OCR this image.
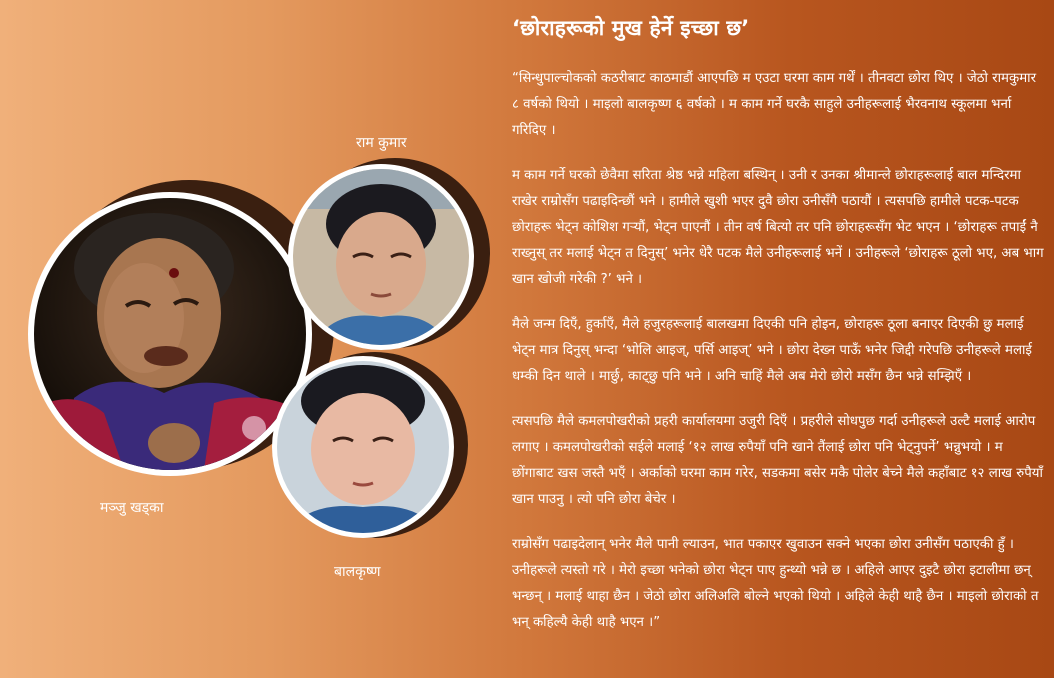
राम कुमार
मञ्जु खड्का
बालकृष्ण
‘छोराहरूको मुख हेर्ने इच्छा छ’

“सिन्धुपाल्चोकको कठरीबाट काठमाडौं आएपछि म एउटा घरमा काम गर्थें । तीनवटा छोरा थिए । जेठो रामकुमार ८ वर्षको थियो । माइलो बालकृष्ण ६ वर्षको । म काम गर्ने घरकै साहुले उनीहरूलाई भैरवनाथ स्कूलमा भर्ना गरिदिए ।

म काम गर्ने घरको छेवैमा सरिता श्रेष्ठ भन्ने महिला बस्थिन् । उनी र उनका श्रीमान्ले छोराहरूलाई बाल मन्दिरमा राखेर राम्रोसँग पढाइदिन्छौं भने । हामीले खुशी भएर दुवै छोरा उनीसँगै पठायौं । त्यसपछि हामीले पटक-पटक छोराहरू भेट्न कोशिश गर्‍यौं, भेट्न पाएनौं । तीन वर्ष बित्यो तर पनि छोराहरूसँग भेट भएन । ‘छोराहरू तपाईं नै राख्नुस् तर मलाई भेट्न त दिनुस्’ भनेर धेरै पटक मैले उनीहरूलाई भनें । उनीहरूले ‘छोराहरू ठूलो भए, अब भाग खान खोजी गरेकी ?’ भने ।

मैले जन्म दिएँ, हुर्काएँ, मैले हजुरहरूलाई बालखमा दिएकी पनि होइन, छोराहरू ठूला बनाएर दिएकी छु मलाई भेट्न मात्र दिनुस् भन्दा ‘भोलि आइज्, पर्सि आइज्’ भने । छोरा देख्न पाऊँ भनेर जिद्दी गरेपछि उनीहरूले मलाई धम्की दिन थाले । मार्छु, काट्छु पनि भने । अनि चाहिं मैले अब मेरो छोरो मसँग छैन भन्ने सम्झिएँ ।

त्यसपछि मैले कमलपोखरीको प्रहरी कार्यालयमा उजुरी दिएँ । प्रहरीले सोधपुछ गर्दा उनीहरूले उल्टै मलाई आरोप लगाए । कमलपोखरीको सईले मलाई ‘१२ लाख रुपैयाँ पनि खाने तैंलाई छोरा पनि भेट्नुपर्ने’ भन्नुभयो । म छोंगाबाट खस जस्तै भएँ । अर्काको घरमा काम गरेर, सडकमा बसेर मकै पोलेर बेच्ने मैले कहाँबाट १२ लाख रुपैयाँ खान पाउनु । त्यो पनि छोरा बेचेर ।

राम्रोसँग पढाइदेलान् भनेर मैले पानी ल्याउन, भात पकाएर खुवाउन सक्ने भएका छोरा उनीसँग पठाएकी हुँ । उनीहरूले त्यस्तो गरे । मेरो इच्छा भनेको छोरा भेट्न पाए हुन्थ्यो भन्ने छ । अहिले आएर दुइटै छोरा इटालीमा छन् भन्छन् । मलाई थाहा छैन । जेठो छोरा अलिअलि बोल्ने भएको थियो । अहिले केही थाहै छैन । माइलो छोराको त भन् कहिल्यै केही थाहै भएन ।”
